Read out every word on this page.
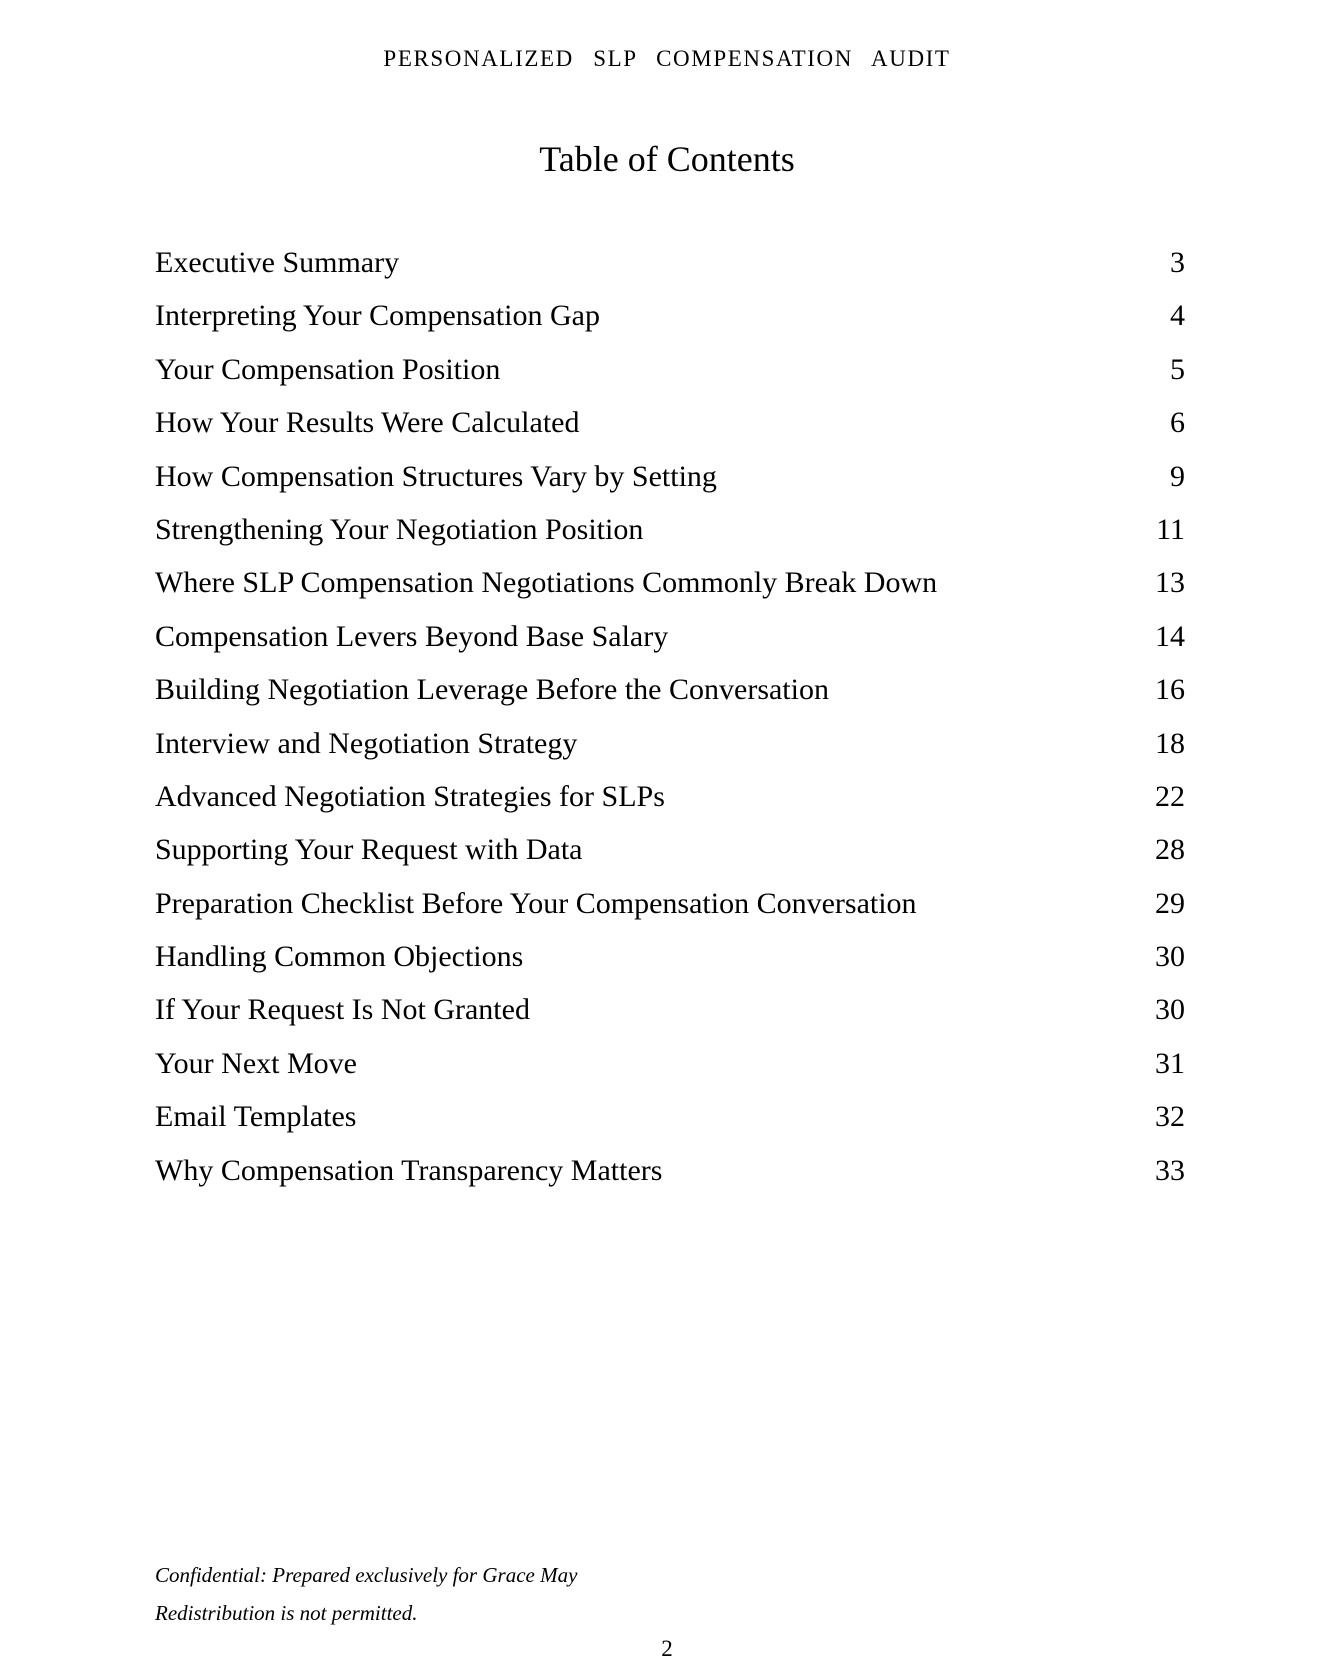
PERSONALIZED SLP COMPENSATION AUDIT
Table of Contents
Executive Summary	3
Interpreting Your Compensation Gap	4
Your Compensation Position	5
How Your Results Were Calculated	6
How Compensation Structures Vary by Setting	9
Strengthening Your Negotiation Position	11
Where SLP Compensation Negotiations Commonly Break Down	13
Compensation Levers Beyond Base Salary	14
Building Negotiation Leverage Before the Conversation	16
Interview and Negotiation Strategy	18
Advanced Negotiation Strategies for SLPs	22
Supporting Your Request with Data	28
Preparation Checklist Before Your Compensation Conversation	29
Handling Common Objections	30
If Your Request Is Not Granted	30
Your Next Move	31
Email Templates	32
Why Compensation Transparency Matters	33
Confidential: Prepared exclusively for Grace May
Redistribution is not permitted.
2
